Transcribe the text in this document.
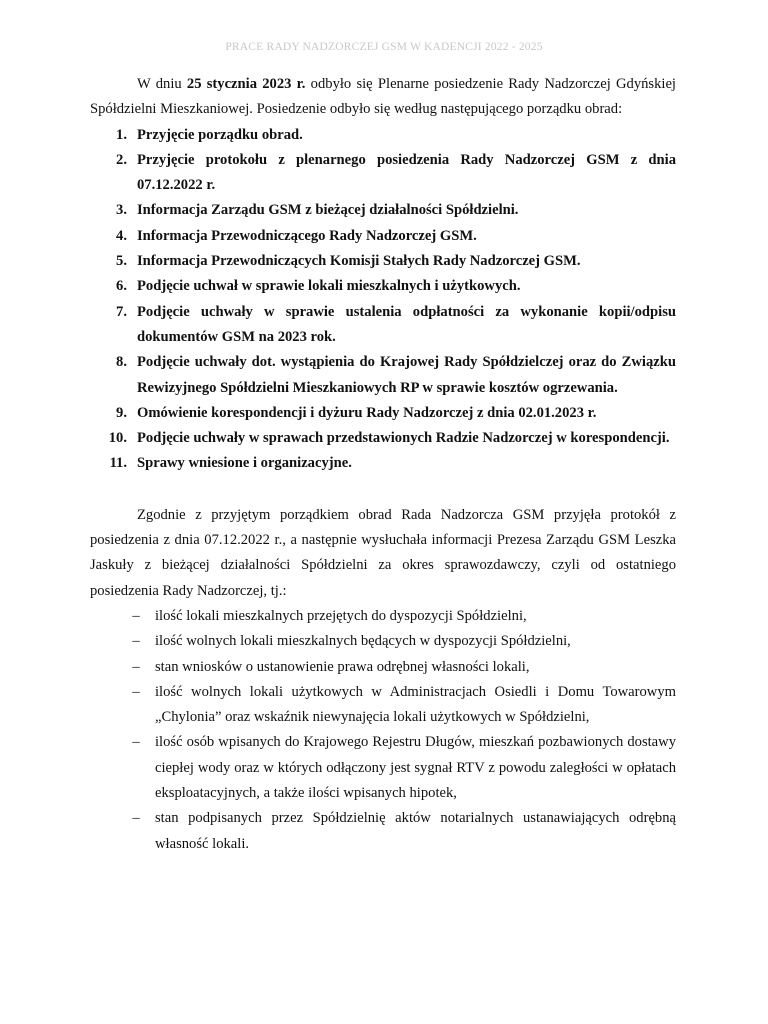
PRACE RADY NADZORCZEJ GSM W KADENCJI 2022 - 2025

W dniu 25 stycznia 2023 r. odbyło się Plenarne posiedzenie Rady Nadzorczej Gdyńskiej Spółdzielni Mieszkaniowej. Posiedzenie odbyło się według następującego porządku obrad:

1. Przyjęcie porządku obrad.
2. Przyjęcie protokołu z plenarnego posiedzenia Rady Nadzorczej GSM z dnia 07.12.2022 r.
3. Informacja Zarządu GSM z bieżącej działalności Spółdzielni.
4. Informacja Przewodniczącego Rady Nadzorczej GSM.
5. Informacja Przewodniczących Komisji Stałych Rady Nadzorczej GSM.
6. Podjęcie uchwał w sprawie lokali mieszkalnych i użytkowych.
7. Podjęcie uchwały w sprawie ustalenia odpłatności za wykonanie kopii/odpisu dokumentów GSM na 2023 rok.
8. Podjęcie uchwały dot. wystąpienia do Krajowej Rady Spółdzielczej oraz do Związku Rewizyjnego Spółdzielni Mieszkaniowych RP w sprawie kosztów ogrzewania.
9. Omówienie korespondencji i dyżuru Rady Nadzorczej z dnia 02.01.2023 r.
10. Podjęcie uchwały w sprawach przedstawionych Radzie Nadzorczej w korespondencji.
11. Sprawy wniesione i organizacyjne.

Zgodnie z przyjętym porządkiem obrad Rada Nadzorcza GSM przyjęła protokół z posiedzenia z dnia 07.12.2022 r., a następnie wysłuchała informacji Prezesa Zarządu GSM Leszka Jaskuły z bieżącej działalności Spółdzielni za okres sprawozdawczy, czyli od ostatniego posiedzenia Rady Nadzorczej, tj.:

– ilość lokali mieszkalnych przejętych do dyspozycji Spółdzielni,
– ilość wolnych lokali mieszkalnych będących w dyspozycji Spółdzielni,
– stan wniosków o ustanowienie prawa odrębnej własności lokali,
– ilość wolnych lokali użytkowych w Administracjach Osiedli i Domu Towarowym „Chylonia” oraz wskaźnik niewynajęcia lokali użytkowych w Spółdzielni,
– ilość osób wpisanych do Krajowego Rejestru Długów, mieszkań pozbawionych dostawy ciepłej wody oraz w których odłączony jest sygnał RTV z powodu zaległości w opłatach eksploatacyjnych, a także ilości wpisanych hipotek,
– stan podpisanych przez Spółdzielnię aktów notarialnych ustanawiających odrębną własność lokali.
